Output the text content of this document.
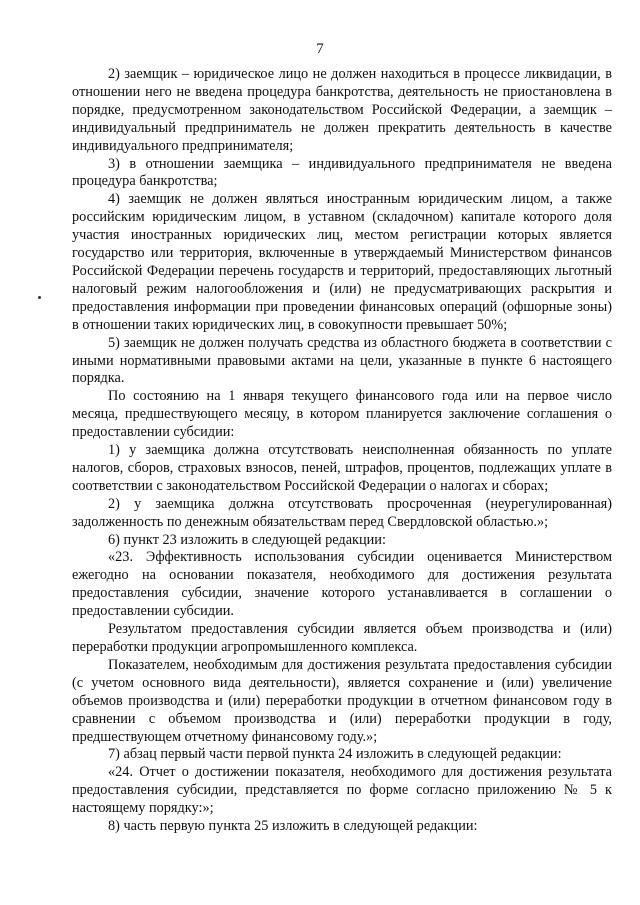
7

2) заемщик – юридическое лицо не должен находиться в процессе ликвидации, в отношении него не введена процедура банкротства, деятельность не приостановлена в порядке, предусмотренном законодательством Российской Федерации, а заемщик – индивидуальный предприниматель не должен прекратить деятельность в качестве индивидуального предпринимателя;

3) в отношении заемщика – индивидуального предпринимателя не введена процедура банкротства;

4) заемщик не должен являться иностранным юридическим лицом, а также российским юридическим лицом, в уставном (складочном) капитале которого доля участия иностранных юридических лиц, местом регистрации которых является государство или территория, включенные в утверждаемый Министерством финансов Российской Федерации перечень государств и территорий, предоставляющих льготный налоговый режим налогообложения и (или) не предусматривающих раскрытия и предоставления информации при проведении финансовых операций (офшорные зоны) в отношении таких юридических лиц, в совокупности превышает 50%;

5) заемщик не должен получать средства из областного бюджета в соответствии с иными нормативными правовыми актами на цели, указанные в пункте 6 настоящего порядка.

По состоянию на 1 января текущего финансового года или на первое число месяца, предшествующего месяцу, в котором планируется заключение соглашения о предоставлении субсидии:

1) у заемщика должна отсутствовать неисполненная обязанность по уплате налогов, сборов, страховых взносов, пеней, штрафов, процентов, подлежащих уплате в соответствии с законодательством Российской Федерации о налогах и сборах;

2) у заемщика должна отсутствовать просроченная (неурегулированная) задолженность по денежным обязательствам перед Свердловской областью.»;

6) пункт 23 изложить в следующей редакции:

«23. Эффективность использования субсидии оценивается Министерством ежегодно на основании показателя, необходимого для достижения результата предоставления субсидии, значение которого устанавливается в соглашении о предоставлении субсидии.

Результатом предоставления субсидии является объем производства и (или) переработки продукции агропромышленного комплекса.

Показателем, необходимым для достижения результата предоставления субсидии (с учетом основного вида деятельности), является сохранение и (или) увеличение объемов производства и (или) переработки продукции в отчетном финансовом году в сравнении с объемом производства и (или) переработки продукции в году, предшествующем отчетному финансовому году.»;

7) абзац первый части первой пункта 24 изложить в следующей редакции:

«24. Отчет о достижении показателя, необходимого для достижения результата предоставления субсидии, представляется по форме согласно приложению № 5 к настоящему порядку:»;

8) часть первую пункта 25 изложить в следующей редакции:
